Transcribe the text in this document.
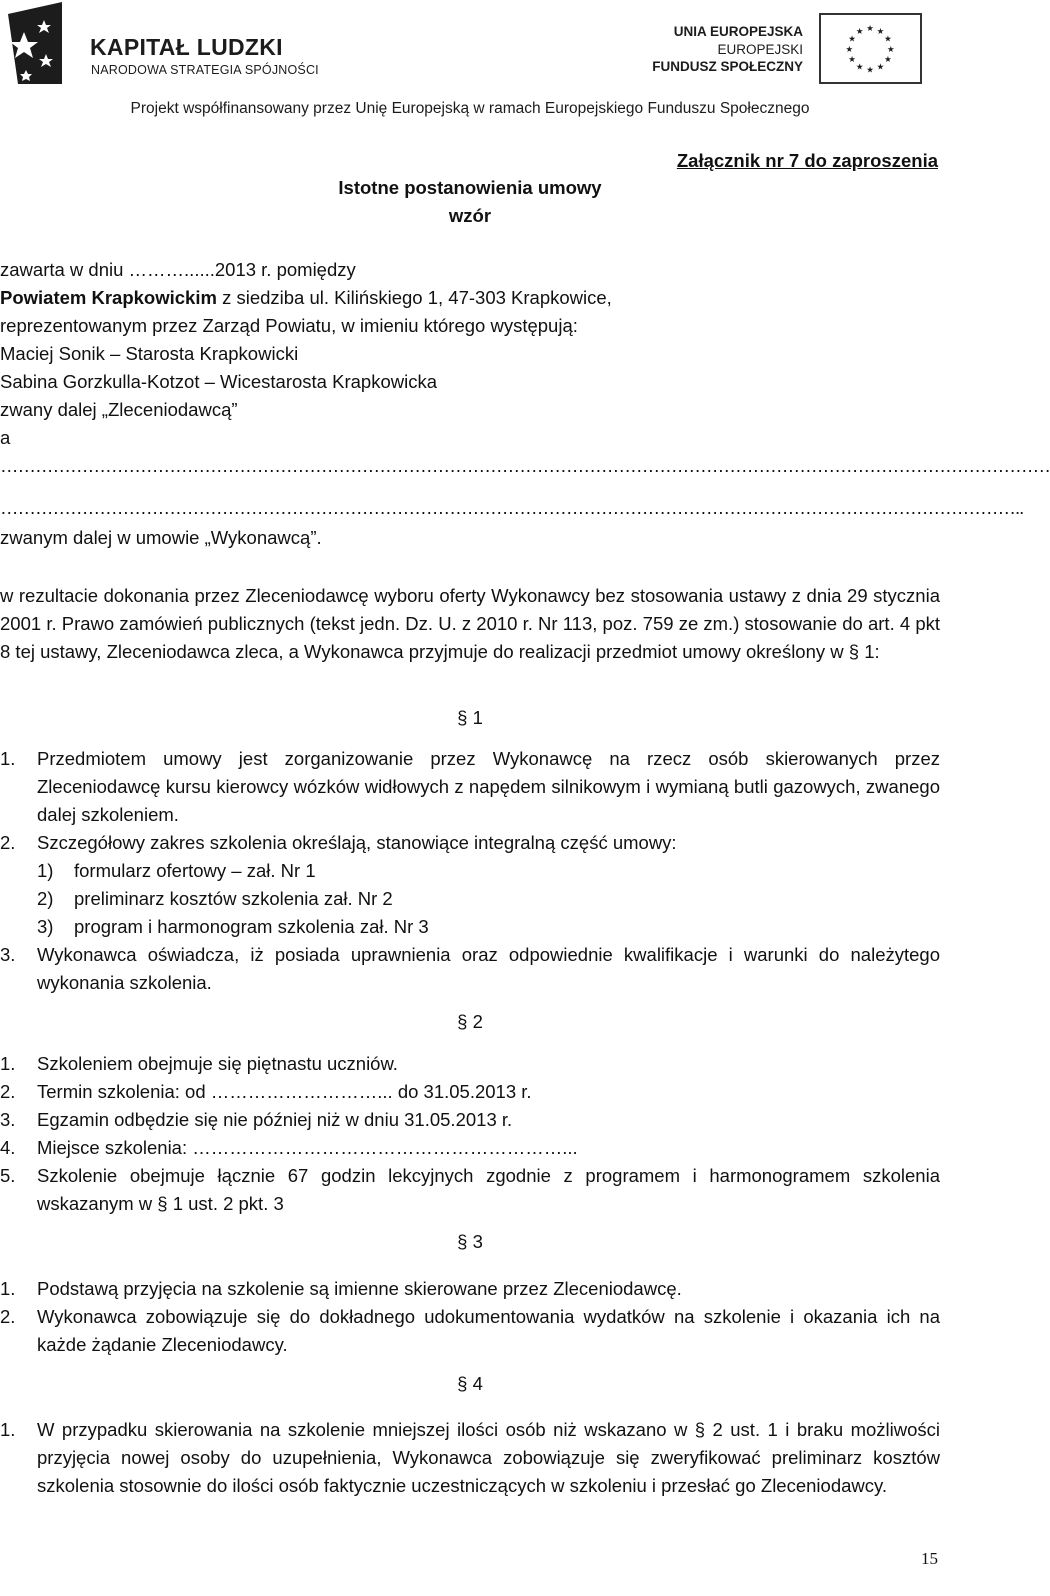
KAPITAŁ LUDZKI
NARODOWA STRATEGIA SPÓJNOŚCI
UNIA EUROPEJSKA
EUROPEJSKI
FUNDUSZ SPOŁECZNY
★ ★
★
★
★
★
★
★
★
★
★
★
Projekt współfinansowany przez Unię Europejską w ramach Europejskiego Funduszu Społecznego
Załącznik nr 7 do zaproszenia
Istotne postanowienia umowy
wzór
zawarta w dniu ………......2013 r. pomiędzy
Powiatem Krapkowickim z siedziba ul. Kilińskiego 1, 47-303 Krapkowice,
reprezentowanym przez Zarząd Powiatu, w imieniu którego występują:
Maciej Sonik – Starosta Krapkowicki
Sabina Gorzkulla-Kotzot – Wicestarosta Krapkowicka
zwany dalej „Zleceniodawcą”
a
………………………………………………………………………………………………………………………………………………………………
…………………………………………………………………………………………………………………………………………………………..
zwanym dalej w umowie „Wykonawcą”.
w rezultacie dokonania przez Zleceniodawcę wyboru oferty Wykonawcy bez stosowania ustawy z dnia 29 stycznia 2001 r. Prawo zamówień publicznych (tekst jedn. Dz. U. z 2010 r. Nr 113, poz. 759 ze zm.) stosowanie do art. 4 pkt 8 tej ustawy, Zleceniodawca zleca, a Wykonawca przyjmuje do realizacji przedmiot umowy określony w § 1:
§ 1
1. Przedmiotem umowy jest zorganizowanie przez Wykonawcę na rzecz osób skierowanych przez Zleceniodawcę kursu kierowcy wózków widłowych z napędem silnikowym i wymianą butli gazowych, zwanego dalej szkoleniem.
2. Szczegółowy zakres szkolenia określają, stanowiące integralną część umowy:
1) formularz ofertowy – zał. Nr 1
2) preliminarz kosztów szkolenia zał. Nr 2
3) program i harmonogram szkolenia zał. Nr 3
3. Wykonawca oświadcza, iż posiada uprawnienia oraz odpowiednie kwalifikacje i warunki do należytego wykonania szkolenia.
§ 2
1. Szkoleniem obejmuje się piętnastu uczniów.
2. Termin szkolenia: od ………………………... do 31.05.2013 r.
3. Egzamin odbędzie się nie później niż w dniu 31.05.2013 r.
4. Miejsce szkolenia: ……………………………………………………...
5. Szkolenie obejmuje łącznie 67 godzin lekcyjnych zgodnie z programem i harmonogramem szkolenia wskazanym w § 1 ust. 2 pkt. 3
§ 3
1. Podstawą przyjęcia na szkolenie są imienne skierowane przez Zleceniodawcę.
2. Wykonawca zobowiązuje się do dokładnego udokumentowania wydatków na szkolenie i okazania ich na każde żądanie Zleceniodawcy.
§ 4
1. W przypadku skierowania na szkolenie mniejszej ilości osób niż wskazano w § 2 ust. 1 i braku możliwości przyjęcia nowej osoby do uzupełnienia, Wykonawca zobowiązuje się zweryfikować preliminarz kosztów szkolenia stosownie do ilości osób faktycznie uczestniczących w szkoleniu i przesłać go Zleceniodawcy.
15
